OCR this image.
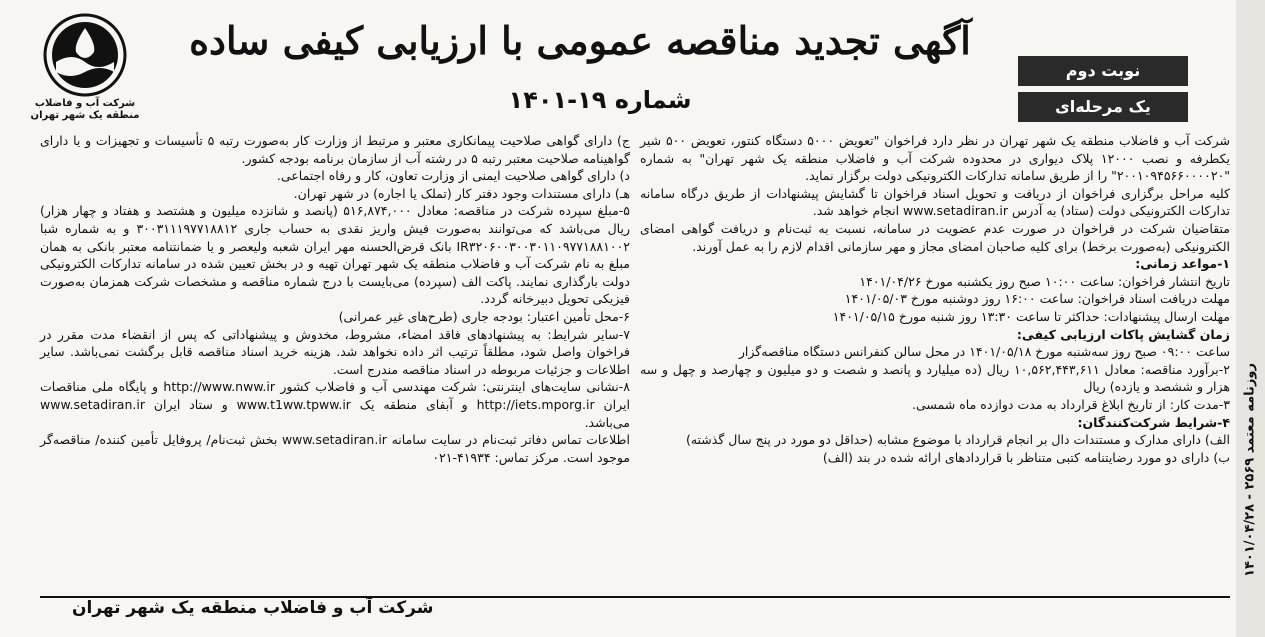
شرکت آب و فاضلاب
منطقه یک شهر تهران
آگهی تجدید مناقصه عمومی با ارزیابی کیفی ساده
شماره ۱۹-۱۴۰۱
نوبت دوم
یک مرحله‌ای
روزنامه معتمد ۲۵۶۹ - ۱۴۰۱/۰۴/۲۸

شرکت آب و فاضلاب منطقه یک شهر تهران در نظر دارد فراخوان "تعویض ۵۰۰۰ دستگاه کنتور، تعویض ۵۰۰ شیر یکطرفه و نصب ۱۲۰۰۰ پلاک دیواری در محدوده شرکت آب و فاضلاب منطقه یک شهر تهران" به شماره "۲۰۰۱۰۹۴۵۶۶۰۰۰۰۲۰" را از طریق سامانه تدارکات الکترونیکی دولت برگزار نماید.

کلیه مراحل برگزاری فراخوان از دریافت و تحویل اسناد فراخوان تا گشایش پیشنهادات از طریق درگاه سامانه تدارکات الکترونیکی دولت (ستاد) به آدرس www.setadiran.ir انجام خواهد شد.

متقاضیان شرکت در فراخوان در صورت عدم عضویت در سامانه، نسبت به ثبت‌نام و دریافت گواهی امضای الکترونیکی (به‌صورت برخط) برای کلیه صاحبان امضای مجاز و مهر سازمانی اقدام لازم را به عمل آورند.

۱-مواعد زمانی:

تاریخ انتشار فراخوان: ساعت ۱۰:۰۰ صبح روز یکشنبه مورخ ۱۴۰۱/۰۴/۲۶

مهلت دریافت اسناد فراخوان: ساعت ۱۶:۰۰ روز دوشنبه مورخ ۱۴۰۱/۰۵/۰۳

مهلت ارسال پیشنهادات: حداکثر تا ساعت ۱۳:۳۰ روز شنبه مورخ ۱۴۰۱/۰۵/۱۵

زمان گشایش پاکات ارزیابی کیفی:

ساعت ۰۹:۰۰ صبح روز سه‌شنبه مورخ ۱۴۰۱/۰۵/۱۸ در محل سالن کنفرانس دستگاه مناقصه‌گزار

۲-برآورد مناقصه: معادل ۱۰,۵۶۲,۴۴۳,۶۱۱ ریال (ده میلیارد و پانصد و شصت و دو میلیون و چهارصد و چهل و سه هزار و ششصد و یازده) ریال

۳-مدت کار: از تاریخ ابلاغ قرارداد به مدت دوازده ماه شمسی.

۴-شرایط شرکت‌کنندگان:

الف) دارای مدارک و مستندات دال بر انجام قرارداد با موضوع مشابه (حداقل دو مورد در پنج سال گذشته)

ب) دارای دو مورد رضایتنامه کتبی متناظر با قراردادهای ارائه شده در بند (الف)

ج) دارای گواهی صلاحیت پیمانکاری معتبر و مرتبط از وزارت کار به‌صورت رتبه ۵ تأسیسات و تجهیزات و یا دارای گواهینامه صلاحیت معتبر رتبه ۵ در رشته آب از سازمان برنامه بودجه کشور.

د) دارای گواهی صلاحیت ایمنی از وزارت تعاون، کار و رفاه اجتماعی.

هـ) دارای مستندات وجود دفتر کار (تملک یا اجاره) در شهر تهران.

۵-مبلغ سپرده شرکت در مناقصه: معادل ۵۱۶,۸۷۴,۰۰۰ (پانصد و شانزده میلیون و هشتصد و هفتاد و چهار هزار) ریال می‌باشد که می‌توانند به‌صورت فیش واریز نقدی به حساب جاری ۳۰۰۳۱۱۱۹۷۷۱۸۸۱۲ و به شماره شبا IR۳۲۰۶۰۰۳۰۰۳۰۱۱۰۹۷۷۱۸۸۱۰۰۲ بانک قرض‌الحسنه مهر ایران شعبه ولیعصر و یا ضمانتنامه معتبر بانکی به همان مبلغ به نام شرکت آب و فاضلاب منطقه یک شهر تهران تهیه و در بخش تعیین شده در سامانه تدارکات الکترونیکی دولت بارگذاری نمایند. پاکت الف (سپرده) می‌بایست با درج شماره مناقصه و مشخصات شرکت همزمان به‌صورت فیزیکی تحویل دبیرخانه گردد.

۶-محل تأمین اعتبار: بودجه جاری (طرح‌های غیر عمرانی)

۷-سایر شرایط: به پیشنهادهای فاقد امضاء، مشروط، مخدوش و پیشنهاداتی که پس از انقضاء مدت مقرر در فراخوان واصل شود، مطلقاً ترتیب اثر داده نخواهد شد. هزینه خرید اسناد مناقصه قابل برگشت نمی‌باشد. سایر اطلاعات و جزئیات مربوطه در اسناد مناقصه مندرج است.

۸-نشانی سایت‌های اینترنتی: شرکت مهندسی آب و فاضلاب کشور http://www.nww.ir و پایگاه ملی مناقصات ایران http://iets.mporg.ir و آبفای منطقه یک www.t1ww.tpww.ir و ستاد ایران www.setadiran.ir می‌باشد.

اطلاعات تماس دفاتر ثبت‌نام در سایت سامانه www.setadiran.ir بخش ثبت‌نام/ پروفایل تأمین کننده/ مناقصه‌گر موجود است. مرکز تماس: ۴۱۹۳۴-۰۲۱

شرکت آب و فاضلاب منطقه یک شهر تهران
